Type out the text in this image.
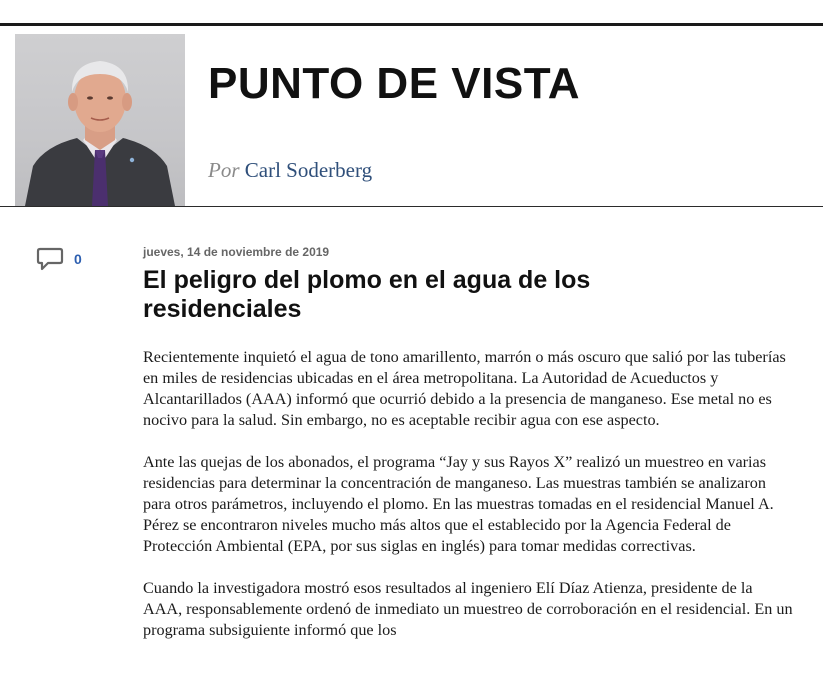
PUNTO DE VISTA
Por Carl Soderberg
0	jueves, 14 de noviembre de 2019

El peligro del plomo en el agua de los residenciales

Recientemente inquietó el agua de tono amarillento, marrón o más oscuro que salió por las tuberías en miles de residencias ubicadas en el área metropolitana. La Autoridad de Acueductos y Alcantarillados (AAA) informó que ocurrió debido a la presencia de manganeso. Ese metal no es nocivo para la salud. Sin embargo, no es aceptable recibir agua con ese aspecto.

Ante las quejas de los abonados, el programa “Jay y sus Rayos X” realizó un muestreo en varias residencias para determinar la concentración de manganeso. Las muestras también se analizaron para otros parámetros, incluyendo el plomo. En las muestras tomadas en el residencial Manuel A. Pérez se encontraron niveles mucho más altos que el establecido por la Agencia Federal de Protección Ambiental (EPA, por sus siglas en inglés) para tomar medidas correctivas.

Cuando la investigadora mostró esos resultados al ingeniero Elí Díaz Atienza, presidente de la AAA, responsablemente ordenó de inmediato un muestreo de corroboración en el residencial. En un programa subsiguiente informó que los
